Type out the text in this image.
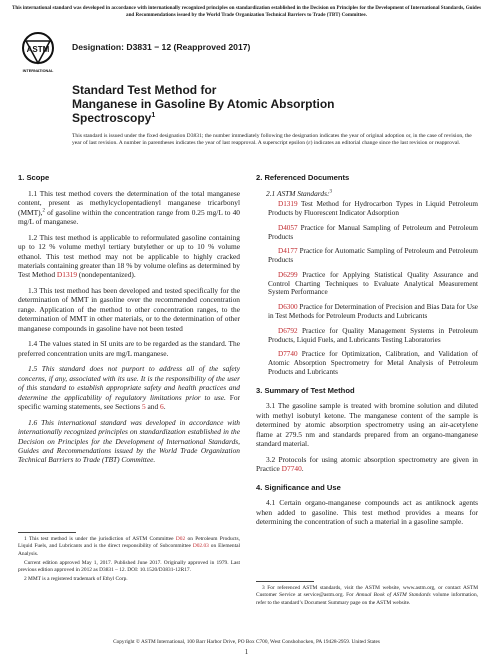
This international standard was developed in accordance with internationally recognized principles on standardization established in the Decision on Principles for the Development of International Standards, Guides and Recommendations issued by the World Trade Organization Technical Barriers to Trade (TBT) Committee.
ASTM
INTERNATIONAL
Designation: D3831 − 12 (Reapproved 2017)
Standard Test Method for
Manganese in Gasoline By Atomic Absorption
Spectroscopy$^1$
This standard is issued under the fixed designation D3831; the number immediately following the designation indicates the year of original adoption or, in the case of revision, the year of last revision. A number in parentheses indicates the year of last reapproval. A superscript epsilon (ε) indicates an editorial change since the last revision or reapproval.
1. Scope

1.1 This test method covers the determination of the total manganese content, present as methylcyclopentadienyl manganese tricarbonyl (MMT),$^2$ of gasoline within the concentration range from 0.25 mg/L to 40 mg/L of manganese.

1.2 This test method is applicable to reformulated gasoline containing up to 12 % volume methyl tertiary butylether or up to 10 % volume ethanol. This test method may not be applicable to highly cracked materials containing greater than 18 % by volume olefins as determined by Test Method D1319 (nondepentanized).

1.3 This test method has been developed and tested specifically for the determination of MMT in gasoline over the recommended concentration range. Application of the method to other concentration ranges, to the determination of MMT in other materials, or to the determination of other manganese compounds in gasoline have not been tested

1.4 The values stated in SI units are to be regarded as the standard. The preferred concentration units are mg/L manganese.

1.5 This standard does not purport to address all of the safety concerns, if any, associated with its use. It is the responsibility of the user of this standard to establish appropriate safety and health practices and determine the applicability of regulatory limitations prior to use. For specific warning statements, see Sections 5 and 6.

1.6 This international standard was developed in accordance with internationally recognized principles on standardization established in the Decision on Principles for the Development of International Standards, Guides and Recommendations issued by the World Trade Organization Technical Barriers to Trade (TBT) Committee.

2. Referenced Documents
2.1 ASTM Standards:$^3$

D1319 Test Method for Hydrocarbon Types in Liquid Petroleum Products by Fluorescent Indicator Adsorption

D4057 Practice for Manual Sampling of Petroleum and Petroleum Products

D4177 Practice for Automatic Sampling of Petroleum and Petroleum Products

D6299 Practice for Applying Statistical Quality Assurance and Control Charting Techniques to Evaluate Analytical Measurement System Performance

D6300 Practice for Determination of Precision and Bias Data for Use in Test Methods for Petroleum Products and Lubricants

D6792 Practice for Quality Management Systems in Petroleum Products, Liquid Fuels, and Lubricants Testing Laboratories

D7740 Practice for Optimization, Calibration, and Validation of Atomic Absorption Spectrometry for Metal Analysis of Petroleum Products and Lubricants

3. Summary of Test Method

3.1 The gasoline sample is treated with bromine solution and diluted with methyl isobutyl ketone. The manganese content of the sample is determined by atomic absorption spectrometry using an air-acetylene flame at 279.5 nm and standards prepared from an organo-manganese standard material.

3.2 Protocols for using atomic absorption spectrometry are given in Practice D7740.

4. Significance and Use

4.1 Certain organo-manganese compounds act as antiknock agents when added to gasoline. This test method provides a means for determining the concentration of such a material in a gasoline sample.

1 This test method is under the jurisdiction of ASTM Committee D02 on Petroleum Products, Liquid Fuels, and Lubricants and is the direct responsibility of Subcommittee D02.03 on Elemental Analysis.

Current edition approved May 1, 2017. Published June 2017. Originally approved in 1979. Last previous edition approved in 2012 as D3831 – 12. DOI: 10.1520/D3831-12R17.

2 MMT is a registered trademark of Ethyl Corp.

3 For referenced ASTM standards, visit the ASTM website, www.astm.org, or contact ASTM Customer Service at service@astm.org. For Annual Book of ASTM Standards volume information, refer to the standard’s Document Summary page on the ASTM website.

Copyright © ASTM International, 100 Barr Harbor Drive, PO Box C700, West Conshohocken, PA 19428-2959. United States
1
